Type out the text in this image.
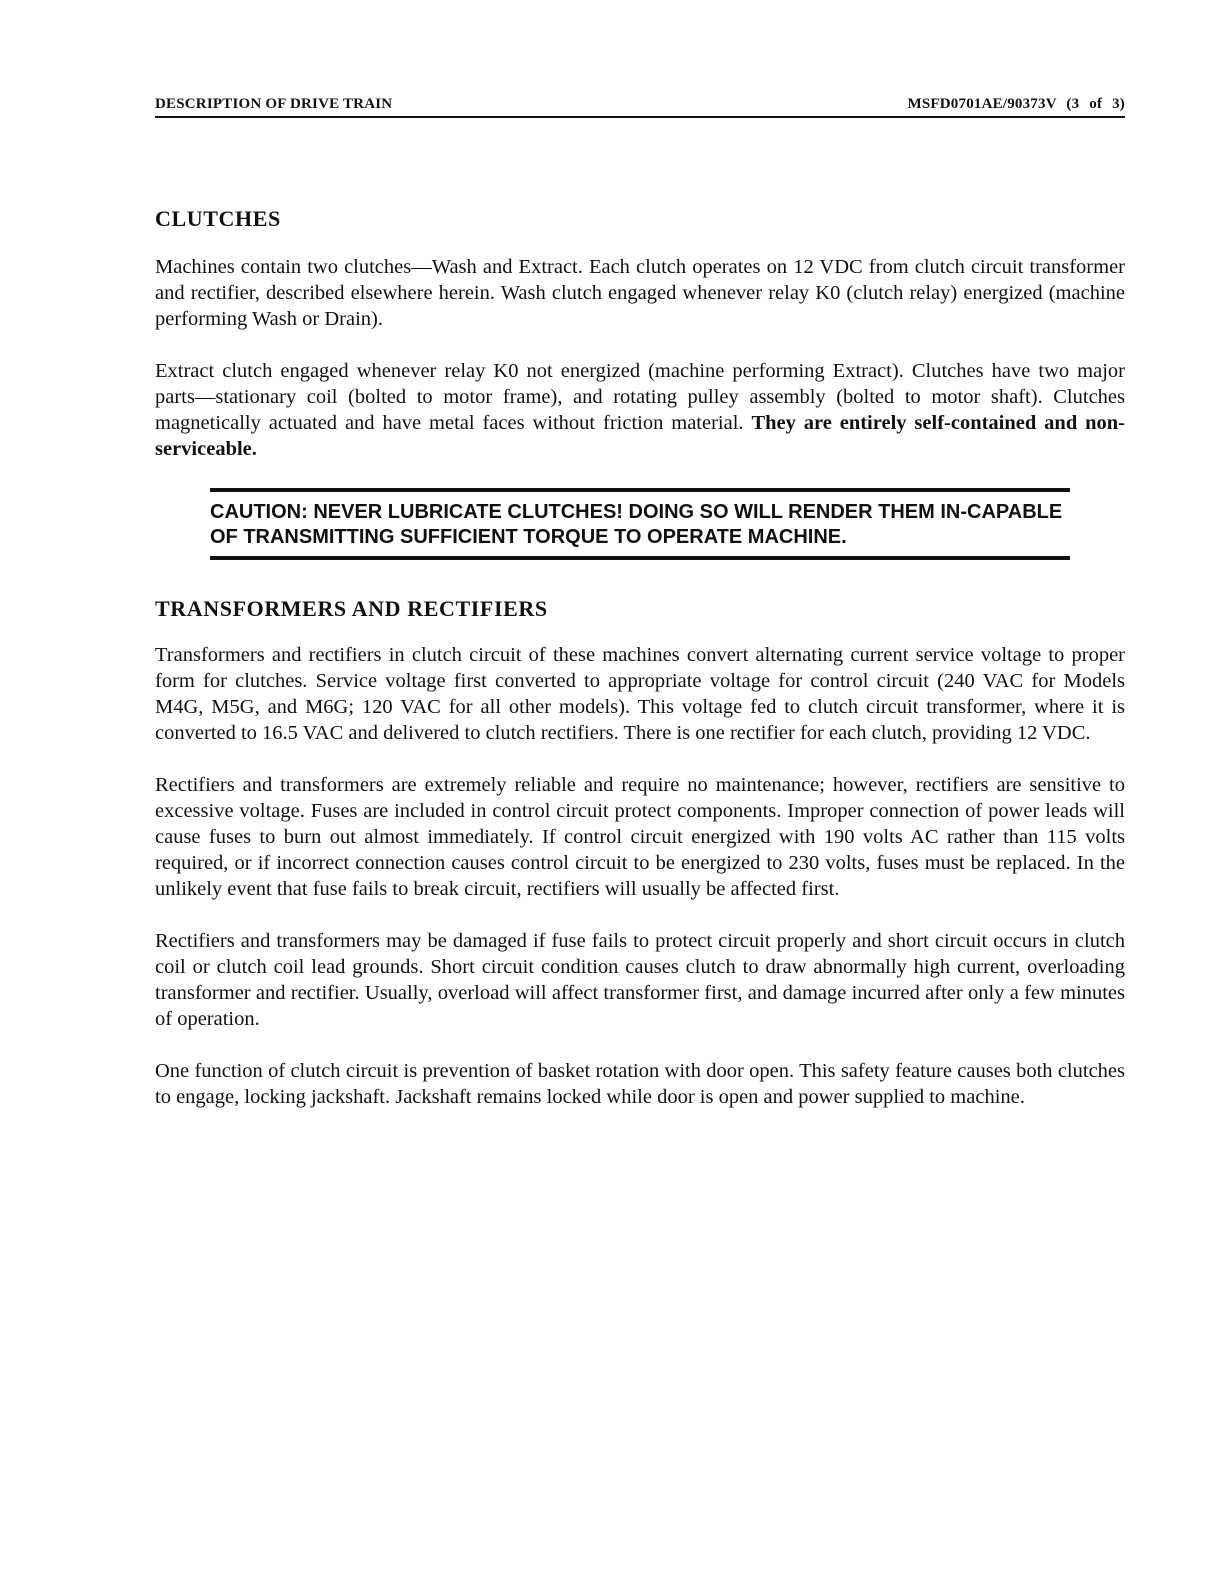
DESCRIPTION OF DRIVE TRAIN	MSFD0701AE/90373V (3 of 3)
CLUTCHES

Machines contain two clutches—Wash and Extract. Each clutch operates on 12 VDC from clutch circuit transformer and rectifier, described elsewhere herein. Wash clutch engaged whenever relay K0 (clutch relay) energized (machine performing Wash or Drain).

Extract clutch engaged whenever relay K0 not energized (machine performing Extract). Clutches have two major parts—stationary coil (bolted to motor frame), and rotating pulley assembly (bolted to motor shaft). Clutches magnetically actuated and have metal faces without friction material. They are entirely self-contained and non-serviceable.

CAUTION: NEVER LUBRICATE CLUTCHES! DOING SO WILL RENDER THEM IN-CAPABLE OF TRANSMITTING SUFFICIENT TORQUE TO OPERATE MACHINE.
TRANSFORMERS AND RECTIFIERS

Transformers and rectifiers in clutch circuit of these machines convert alternating current service voltage to proper form for clutches. Service voltage first converted to appropriate voltage for control circuit (240 VAC for Models M4G, M5G, and M6G; 120 VAC for all other models). This voltage fed to clutch circuit transformer, where it is converted to 16.5 VAC and delivered to clutch rectifiers. There is one rectifier for each clutch, providing 12 VDC.

Rectifiers and transformers are extremely reliable and require no maintenance; however, rectifiers are sensitive to excessive voltage. Fuses are included in control circuit protect components. Improper connection of power leads will cause fuses to burn out almost immediately. If control circuit energized with 190 volts AC rather than 115 volts required, or if incorrect connection causes control circuit to be energized to 230 volts, fuses must be replaced. In the unlikely event that fuse fails to break circuit, rectifiers will usually be affected first.

Rectifiers and transformers may be damaged if fuse fails to protect circuit properly and short circuit occurs in clutch coil or clutch coil lead grounds. Short circuit condition causes clutch to draw abnormally high current, overloading transformer and rectifier. Usually, overload will affect transformer first, and damage incurred after only a few minutes of operation.

One function of clutch circuit is prevention of basket rotation with door open. This safety feature causes both clutches to engage, locking jackshaft. Jackshaft remains locked while door is open and power supplied to machine.
